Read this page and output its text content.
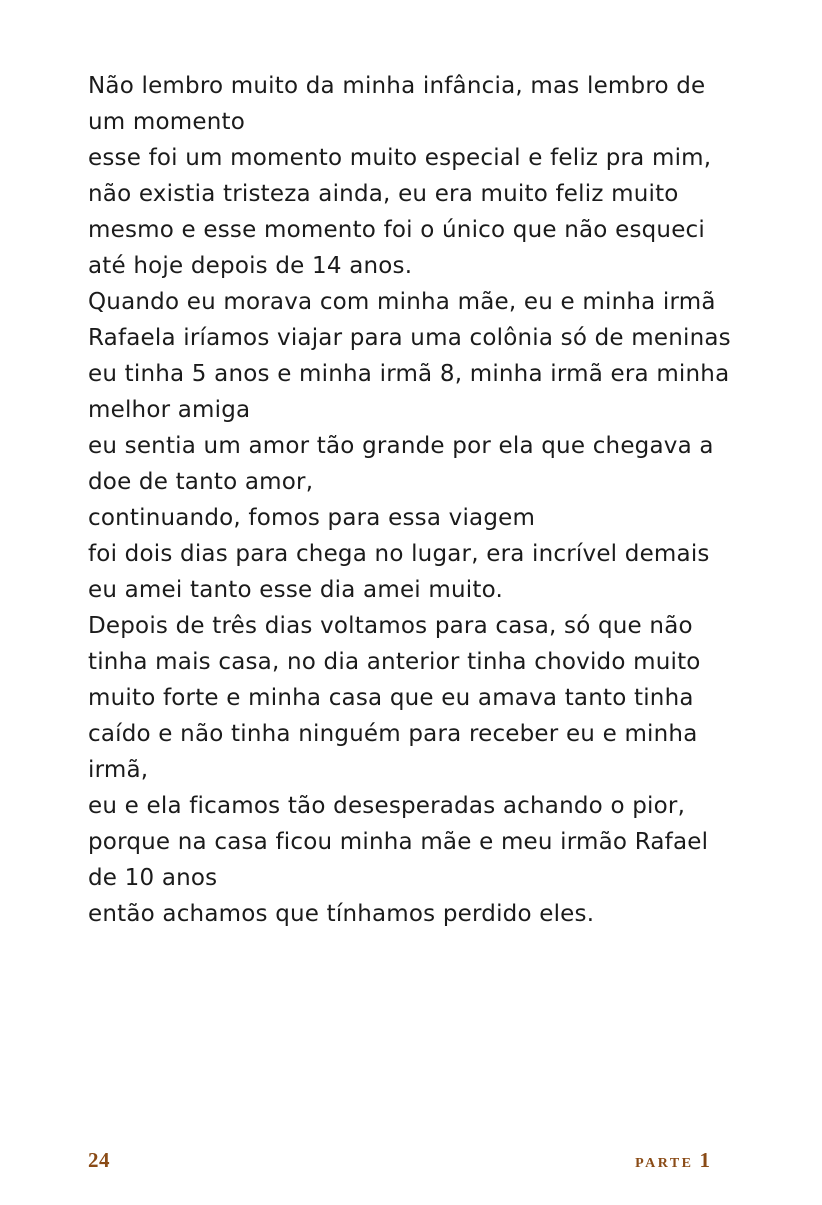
Não lembro muito da minha infância, mas lembro de
um momento
esse foi um momento muito especial e feliz pra mim,
não existia tristeza ainda, eu era muito feliz muito
mesmo e esse momento foi o único que não esqueci
até hoje depois de 14 anos.
Quando eu morava com minha mãe, eu e minha irmã
Rafaela iríamos viajar para uma colônia só de meninas
eu tinha 5 anos e minha irmã 8, minha irmã era minha
melhor amiga
eu sentia um amor tão grande por ela que chegava a
doe de tanto amor,
continuando, fomos para essa viagem
foi dois dias para chega no lugar, era incrível demais
eu amei tanto esse dia amei muito.
Depois de três dias voltamos para casa, só que não
tinha mais casa, no dia anterior tinha chovido muito
muito forte e minha casa que eu amava tanto tinha
caído e não tinha ninguém para receber eu e minha
irmã,
eu e ela ficamos tão desesperadas achando o pior,
porque na casa ficou minha mãe e meu irmão Rafael
de 10 anos
então achamos que tínhamos perdido eles.
24	PARTE 1
